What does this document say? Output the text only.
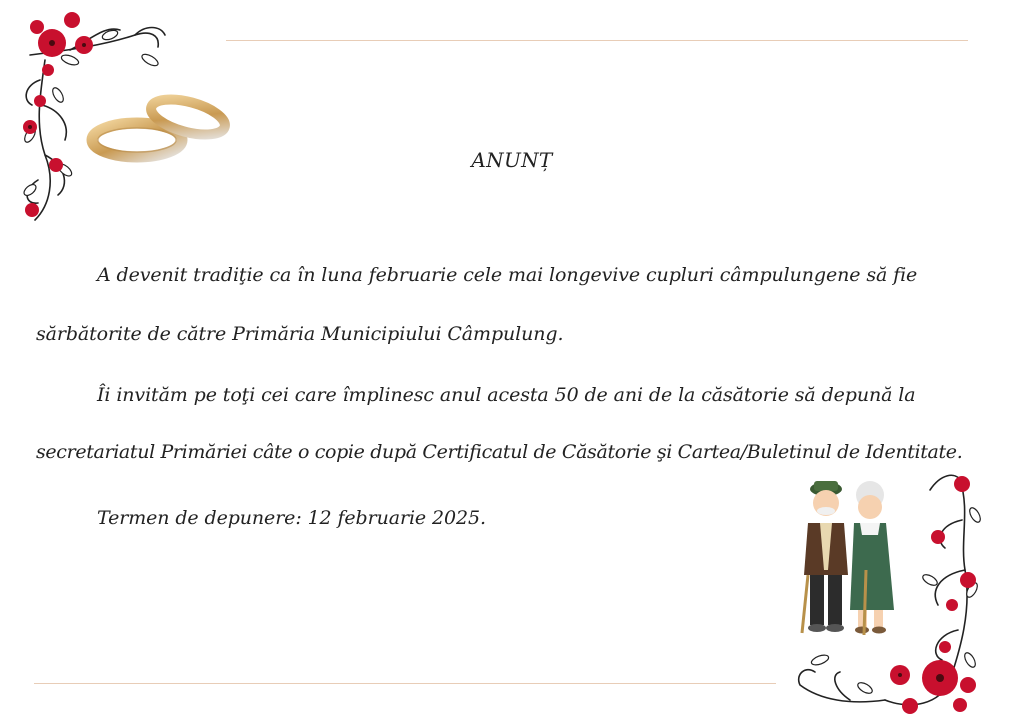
ANUNȚ
A devenit tradiţie ca în luna februarie cele mai longevive cupluri câmpulungene să fie
sărbătorite de către Primăria Municipiului Câmpulung.
Îi invităm pe toţi cei care împlinesc anul acesta 50 de ani de la căsătorie să depună la
secretariatul Primăriei câte o copie după Certificatul de Căsătorie şi Cartea/Buletinul de Identitate.
Termen de depunere: 12 februarie 2025.
